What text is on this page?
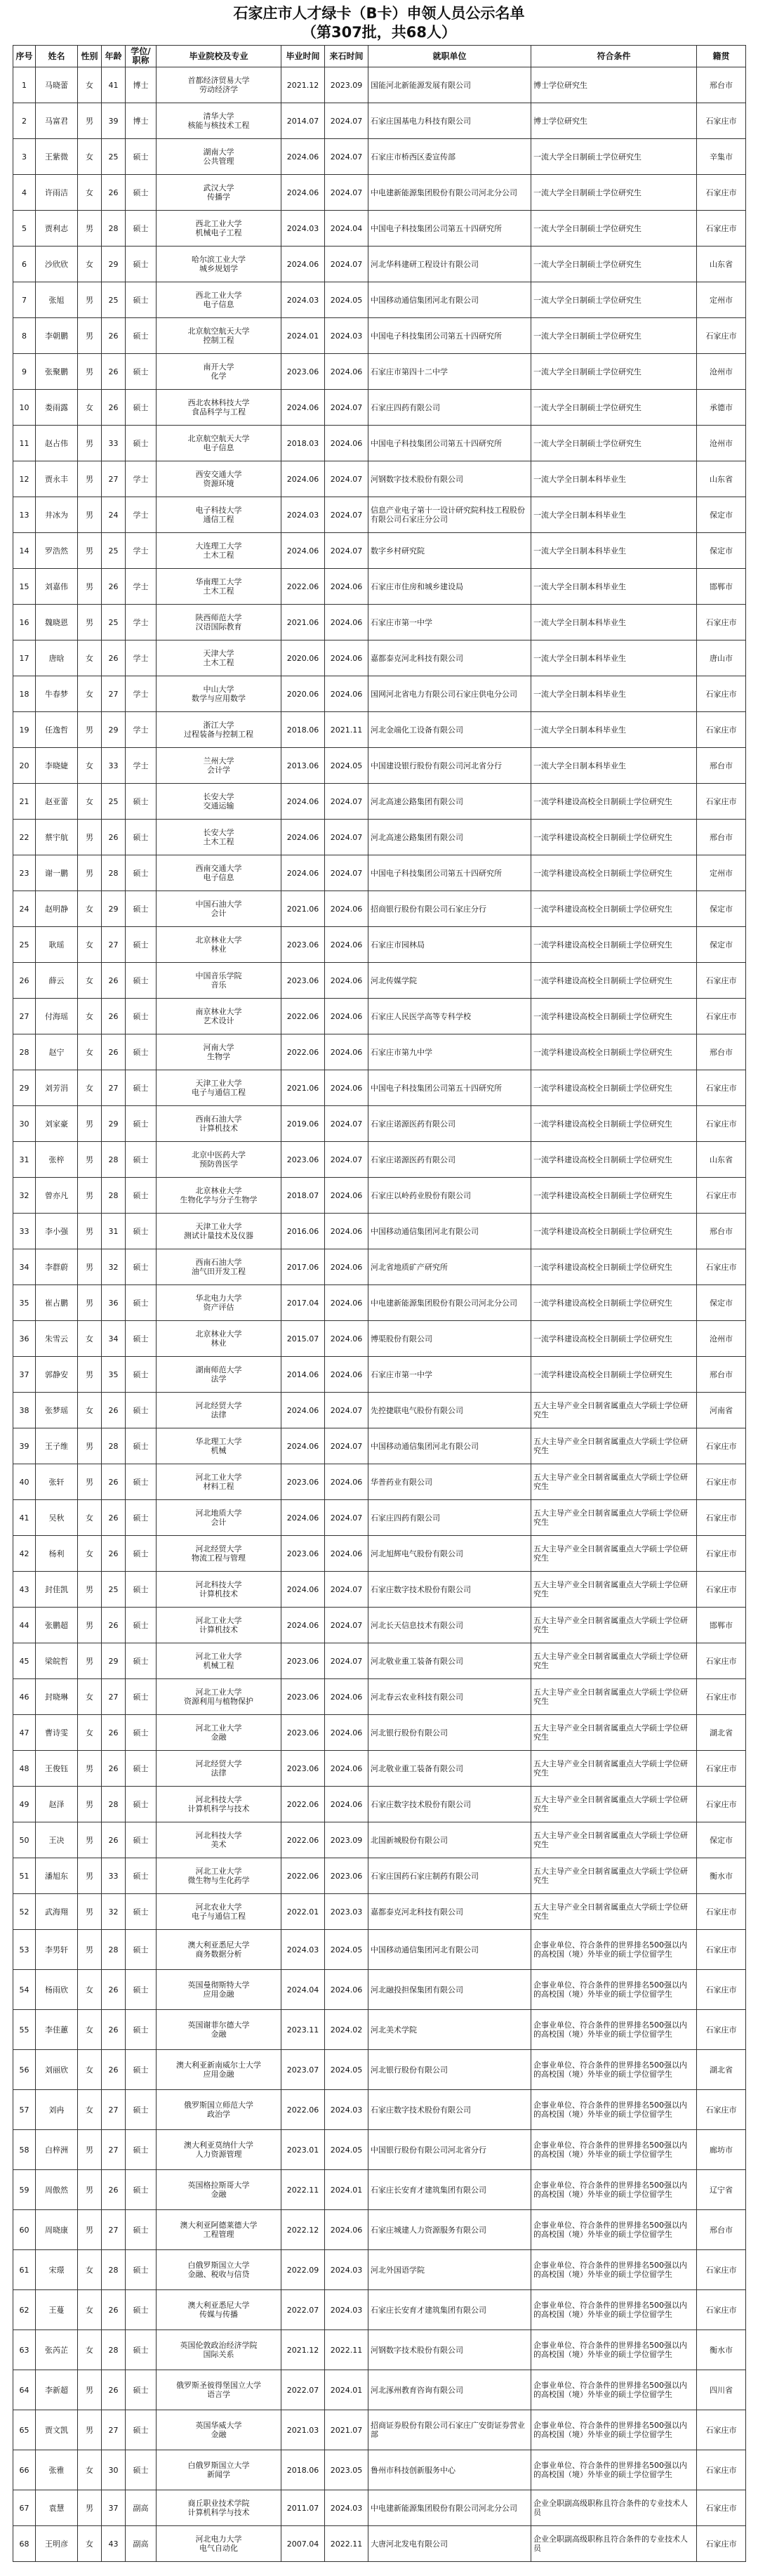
石家庄市人才绿卡（B卡）申领人员公示名单
（第307批，共68人）
序号	姓名	性别	年龄	学位/职称	毕业院校及专业	毕业时间	来石时间	就职单位	符合条件	籍贯
1	马晓蕾	女	41	博士	首都经济贸易大学
劳动经济学	2021.12	2023.09	国能河北新能源发展有限公司	博士学位研究生	邢台市
2	马富君	男	39	博士	清华大学
核能与核技术工程	2014.07	2024.07	石家庄国基电力科技有限公司	博士学位研究生	石家庄市
3	王紫微	女	25	硕士	湖南大学
公共管理	2024.06	2024.07	石家庄市桥西区委宣传部	一流大学全日制硕士学位研究生	辛集市
4	许雨洁	女	26	硕士	武汉大学
传播学	2024.06	2024.07	中电建新能源集团股份有限公司河北分公司	一流大学全日制硕士学位研究生	石家庄市
5	贾利志	男	28	硕士	西北工业大学
机械电子工程	2024.03	2024.04	中国电子科技集团公司第五十四研究所	一流大学全日制硕士学位研究生	石家庄市
6	沙欣欣	女	29	硕士	哈尔滨工业大学
城乡规划学	2024.06	2024.07	河北华科建研工程设计有限公司	一流大学全日制硕士学位研究生	山东省
7	张旭	男	25	硕士	西北工业大学
电子信息	2024.03	2024.05	中国移动通信集团河北有限公司	一流大学全日制硕士学位研究生	定州市
8	李朝鹏	男	26	硕士	北京航空航天大学
控制工程	2024.01	2024.03	中国电子科技集团公司第五十四研究所	一流大学全日制硕士学位研究生	石家庄市
9	张聚鹏	男	26	硕士	南开大学
化学	2023.06	2024.06	石家庄市第四十二中学	一流大学全日制硕士学位研究生	沧州市
10	娄雨露	女	26	硕士	西北农林科技大学
食品科学与工程	2024.06	2024.07	石家庄四药有限公司	一流大学全日制硕士学位研究生	承德市
11	赵占伟	男	33	硕士	北京航空航天大学
电子信息	2018.03	2024.06	中国电子科技集团公司第五十四研究所	一流大学全日制硕士学位研究生	沧州市
12	贾永丰	男	27	学士	西安交通大学
资源环境	2024.06	2024.07	河钢数字技术股份有限公司	一流大学全日制本科毕业生	山东省
13	井冰为	男	24	学士	电子科技大学
通信工程	2024.03	2024.07	信息产业电子第十一设计研究院科技工程股份有限公司石家庄分公司	一流大学全日制本科毕业生	保定市
14	罗浩然	男	25	学士	大连理工大学
土木工程	2024.06	2024.07	数字乡村研究院	一流大学全日制本科毕业生	保定市
15	刘嘉伟	男	26	学士	华南理工大学
土木工程	2022.06	2024.06	石家庄市住房和城乡建设局	一流大学全日制本科毕业生	邯郸市
16	魏晓恩	男	25	学士	陕西师范大学
汉语国际教育	2021.06	2024.06	石家庄市第一中学	一流大学全日制本科毕业生	石家庄市
17	唐晗	女	26	学士	天津大学
土木工程	2020.06	2024.06	嘉都泰克河北科技有限公司	一流大学全日制本科毕业生	唐山市
18	牛春梦	女	27	学士	中山大学
数学与应用数学	2020.06	2024.06	国网河北省电力有限公司石家庄供电分公司	一流大学全日制本科毕业生	石家庄市
19	任逸哲	男	29	学士	浙江大学
过程装备与控制工程	2018.06	2021.11	河北金端化工设备有限公司	一流大学全日制本科毕业生	石家庄市
20	李晓婕	女	33	学士	兰州大学
会计学	2013.06	2024.05	中国建设银行股份有限公司河北省分行	一流大学全日制本科毕业生	邢台市
21	赵亚蕾	女	25	硕士	长安大学
交通运输	2024.06	2024.07	河北高速公路集团有限公司	一流学科建设高校全日制硕士学位研究生	石家庄市
22	蔡宇航	男	26	硕士	长安大学
土木工程	2024.06	2024.07	河北高速公路集团有限公司	一流学科建设高校全日制硕士学位研究生	邢台市
23	谢一鹏	男	28	硕士	西南交通大学
电子信息	2024.06	2024.07	中国电子科技集团公司第五十四研究所	一流学科建设高校全日制硕士学位研究生	定州市
24	赵明静	女	29	硕士	中国石油大学
会计	2021.06	2024.06	招商银行股份有限公司石家庄分行	一流学科建设高校全日制硕士学位研究生	保定市
25	耿瑶	女	27	硕士	北京林业大学
林业	2023.06	2024.06	石家庄市园林局	一流学科建设高校全日制硕士学位研究生	保定市
26	薛云	女	26	硕士	中国音乐学院
音乐	2023.06	2024.06	河北传媒学院	一流学科建设高校全日制硕士学位研究生	石家庄市
27	付海瑶	女	26	硕士	南京林业大学
艺术设计	2022.06	2024.06	石家庄人民医学高等专科学校	一流学科建设高校全日制硕士学位研究生	石家庄市
28	赵宁	女	26	硕士	河南大学
生物学	2022.06	2024.06	石家庄市第九中学	一流学科建设高校全日制硕士学位研究生	邢台市
29	刘芳涓	女	27	硕士	天津工业大学
电子与通信工程	2021.06	2024.06	中国电子科技集团公司第五十四研究所	一流学科建设高校全日制硕士学位研究生	石家庄市
30	刘家豪	男	29	硕士	西南石油大学
计算机技术	2019.06	2024.07	石家庄诺源医药有限公司	一流学科建设高校全日制硕士学位研究生	石家庄市
31	张梓	男	28	硕士	北京中医药大学
预防兽医学	2023.06	2024.07	石家庄诺源医药有限公司	一流学科建设高校全日制硕士学位研究生	山东省
32	曾亦凡	男	28	硕士	北京林业大学
生物化学与分子生物学	2018.07	2024.06	石家庄以岭药业股份有限公司	一流学科建设高校全日制硕士学位研究生	石家庄市
33	李小强	男	31	硕士	天津工业大学
测试计量技术及仪器	2016.06	2024.06	中国移动通信集团河北有限公司	一流学科建设高校全日制硕士学位研究生	邢台市
34	李群蔚	男	32	硕士	西南石油大学
油气田开发工程	2017.06	2024.06	河北省地质矿产研究所	一流学科建设高校全日制硕士学位研究生	石家庄市
35	崔占鹏	男	36	硕士	华北电力大学
资产评估	2017.04	2024.06	中电建新能源集团股份有限公司河北分公司	一流学科建设高校全日制硕士学位研究生	保定市
36	朱雪云	女	34	硕士	北京林业大学
林业	2015.07	2024.06	博渠股份有限公司	一流学科建设高校全日制硕士学位研究生	沧州市
37	郭静安	男	35	硕士	湖南师范大学
法学	2014.06	2024.06	石家庄市第一中学	一流学科建设高校全日制硕士学位研究生	邢台市
38	张梦瑶	女	26	硕士	河北经贸大学
法律	2024.06	2024.07	先控捷联电气股份有限公司	五大主导产业全日制省属重点大学硕士学位研究生	河南省
39	王子维	男	28	硕士	华北理工大学
机械	2024.06	2024.07	中国移动通信集团河北有限公司	五大主导产业全日制省属重点大学硕士学位研究生	石家庄市
40	张轩	男	26	硕士	河北工业大学
材料工程	2023.06	2024.06	华普药业有限公司	五大主导产业全日制省属重点大学硕士学位研究生	石家庄市
41	吴秋	女	26	硕士	河北地质大学
会计	2024.06	2024.07	石家庄四药有限公司	五大主导产业全日制省属重点大学硕士学位研究生	石家庄市
42	杨利	女	26	硕士	河北经贸大学
物流工程与管理	2023.06	2024.06	河北旭辉电气股份有限公司	五大主导产业全日制省属重点大学硕士学位研究生	石家庄市
43	封佳凯	男	25	硕士	河北科技大学
计算机技术	2024.06	2024.07	石家庄数字技术股份有限公司	五大主导产业全日制省属重点大学硕士学位研究生	石家庄市
44	张鹏超	男	26	硕士	河北工业大学
计算机技术	2024.06	2024.07	河北长天信息技术有限公司	五大主导产业全日制省属重点大学硕士学位研究生	邯郸市
45	梁皖哲	男	29	硕士	河北工业大学
机械工程	2023.06	2024.07	河北敬业重工装备有限公司	五大主导产业全日制省属重点大学硕士学位研究生	石家庄市
46	封晓琳	女	27	硕士	河北工业大学
资源利用与植物保护	2023.06	2024.06	河北春云农业科技有限公司	五大主导产业全日制省属重点大学硕士学位研究生	石家庄市
47	曹诗雯	女	26	硕士	河北工业大学
金融	2023.06	2024.06	河北银行股份有限公司	五大主导产业全日制省属重点大学硕士学位研究生	湖北省
48	王俊钰	男	26	硕士	河北经贸大学
法律	2023.06	2024.06	河北敬业重工装备有限公司	五大主导产业全日制省属重点大学硕士学位研究生	石家庄市
49	赵泽	男	28	硕士	河北科技大学
计算机科学与技术	2022.06	2024.06	石家庄数字技术股份有限公司	五大主导产业全日制省属重点大学硕士学位研究生	石家庄市
50	王决	男	26	硕士	河北科技大学
美术	2022.06	2023.09	北国新城股份有限公司	五大主导产业全日制省属重点大学硕士学位研究生	保定市
51	潘旭东	男	33	硕士	河北工业大学
微生物与生化药学	2022.06	2023.06	石家庄国药石家庄制药有限公司	五大主导产业全日制省属重点大学硕士学位研究生	衡水市
52	武海翔	男	32	硕士	河北农业大学
电子与通信工程	2022.01	2023.03	嘉都泰克河北科技有限公司	五大主导产业全日制省属重点大学硕士学位研究生	石家庄市
53	李男轩	男	28	硕士	澳大利亚悉尼大学
商务数据分析	2024.03	2024.05	中国移动通信集团河北有限公司	企事业单位、符合条件的世界排名500强以内的高校国（境）外毕业的硕士学位留学生	石家庄市
54	杨雨欣	女	26	硕士	英国曼彻斯特大学
应用金融	2024.04	2024.06	河北融投担保集团有限公司	企事业单位、符合条件的世界排名500强以内的高校国（境）外毕业的硕士学位留学生	石家庄市
55	李佳蕙	女	26	硕士	英国谢菲尔德大学
金融	2023.11	2024.02	河北美术学院	企事业单位、符合条件的世界排名500强以内的高校国（境）外毕业的硕士学位留学生	石家庄市
56	刘丽欣	女	26	硕士	澳大利亚新南威尔士大学
应用金融	2023.07	2024.05	河北银行股份有限公司	企事业单位、符合条件的世界排名500强以内的高校国（境）外毕业的硕士学位留学生	湖北省
57	刘冉	女	27	硕士	俄罗斯国立师范大学
政治学	2022.06	2024.03	石家庄数字技术股份有限公司	企事业单位、符合条件的世界排名500强以内的高校国（境）外毕业的硕士学位留学生	石家庄市
58	白梓洲	男	27	硕士	澳大利亚莫纳什大学
人力资源管理	2023.01	2024.05	中国银行股份有限公司河北省分行	企事业单位、符合条件的世界排名500强以内的高校国（境）外毕业的硕士学位留学生	廊坊市
59	周傲然	男	26	硕士	英国格拉斯哥大学
金融	2022.11	2024.01	石家庄长安育才建筑集团有限公司	企事业单位、符合条件的世界排名500强以内的高校国（境）外毕业的硕士学位留学生	辽宁省
60	周晓康	男	27	硕士	澳大利亚阿德莱德大学
工程管理	2022.12	2024.06	石家庄城建人力资源服务有限公司	企事业单位、符合条件的世界排名500强以内的高校国（境）外毕业的硕士学位留学生	邢台市
61	宋璟	女	28	硕士	白俄罗斯国立大学
金融、税收与信贷	2022.09	2024.03	河北外国语学院	企事业单位、符合条件的世界排名500强以内的高校国（境）外毕业的硕士学位留学生	石家庄市
62	王蔓	女	26	硕士	澳大利亚悉尼大学
传媒与传播	2022.07	2024.03	石家庄长安育才建筑集团有限公司	企事业单位、符合条件的世界排名500强以内的高校国（境）外毕业的硕士学位留学生	石家庄市
63	张芮芷	女	28	硕士	英国伦敦政治经济学院
国际关系	2021.12	2022.11	河钢数字技术股份有限公司	企事业单位、符合条件的世界排名500强以内的高校国（境）外毕业的硕士学位留学生	衡水市
64	李新超	男	26	硕士	俄罗斯圣彼得堡国立大学
语言学	2022.07	2024.01	河北涿州教育咨询有限公司	企事业单位、符合条件的世界排名500强以内的高校国（境）外毕业的硕士学位留学生	四川省
65	贾文凯	男	27	硕士	英国华威大学
金融	2021.03	2021.07	招商证券股份有限公司石家庄广安街证券营业部	企事业单位、符合条件的世界排名500强以内的高校国（境）外毕业的硕士学位留学生	石家庄市
66	张雅	女	30	硕士	白俄罗斯国立大学
新闻学	2018.06	2023.05	鲁州市科技创新服务中心	企事业单位、符合条件的世界排名500强以内的高校国（境）外毕业的硕士学位留学生	石家庄市
67	袁慧	男	37	副高	商丘职业技术学院
计算机科学与技术	2011.07	2024.03	中电建新能源集团股份有限公司河北分公司	企业全职副高级职称且符合条件的专业技术人员	石家庄市
68	王明彦	女	43	副高	河北电力大学
电气自动化	2007.04	2022.11	大唐河北发电有限公司	企业全职副高级职称且符合条件的专业技术人员	石家庄市
